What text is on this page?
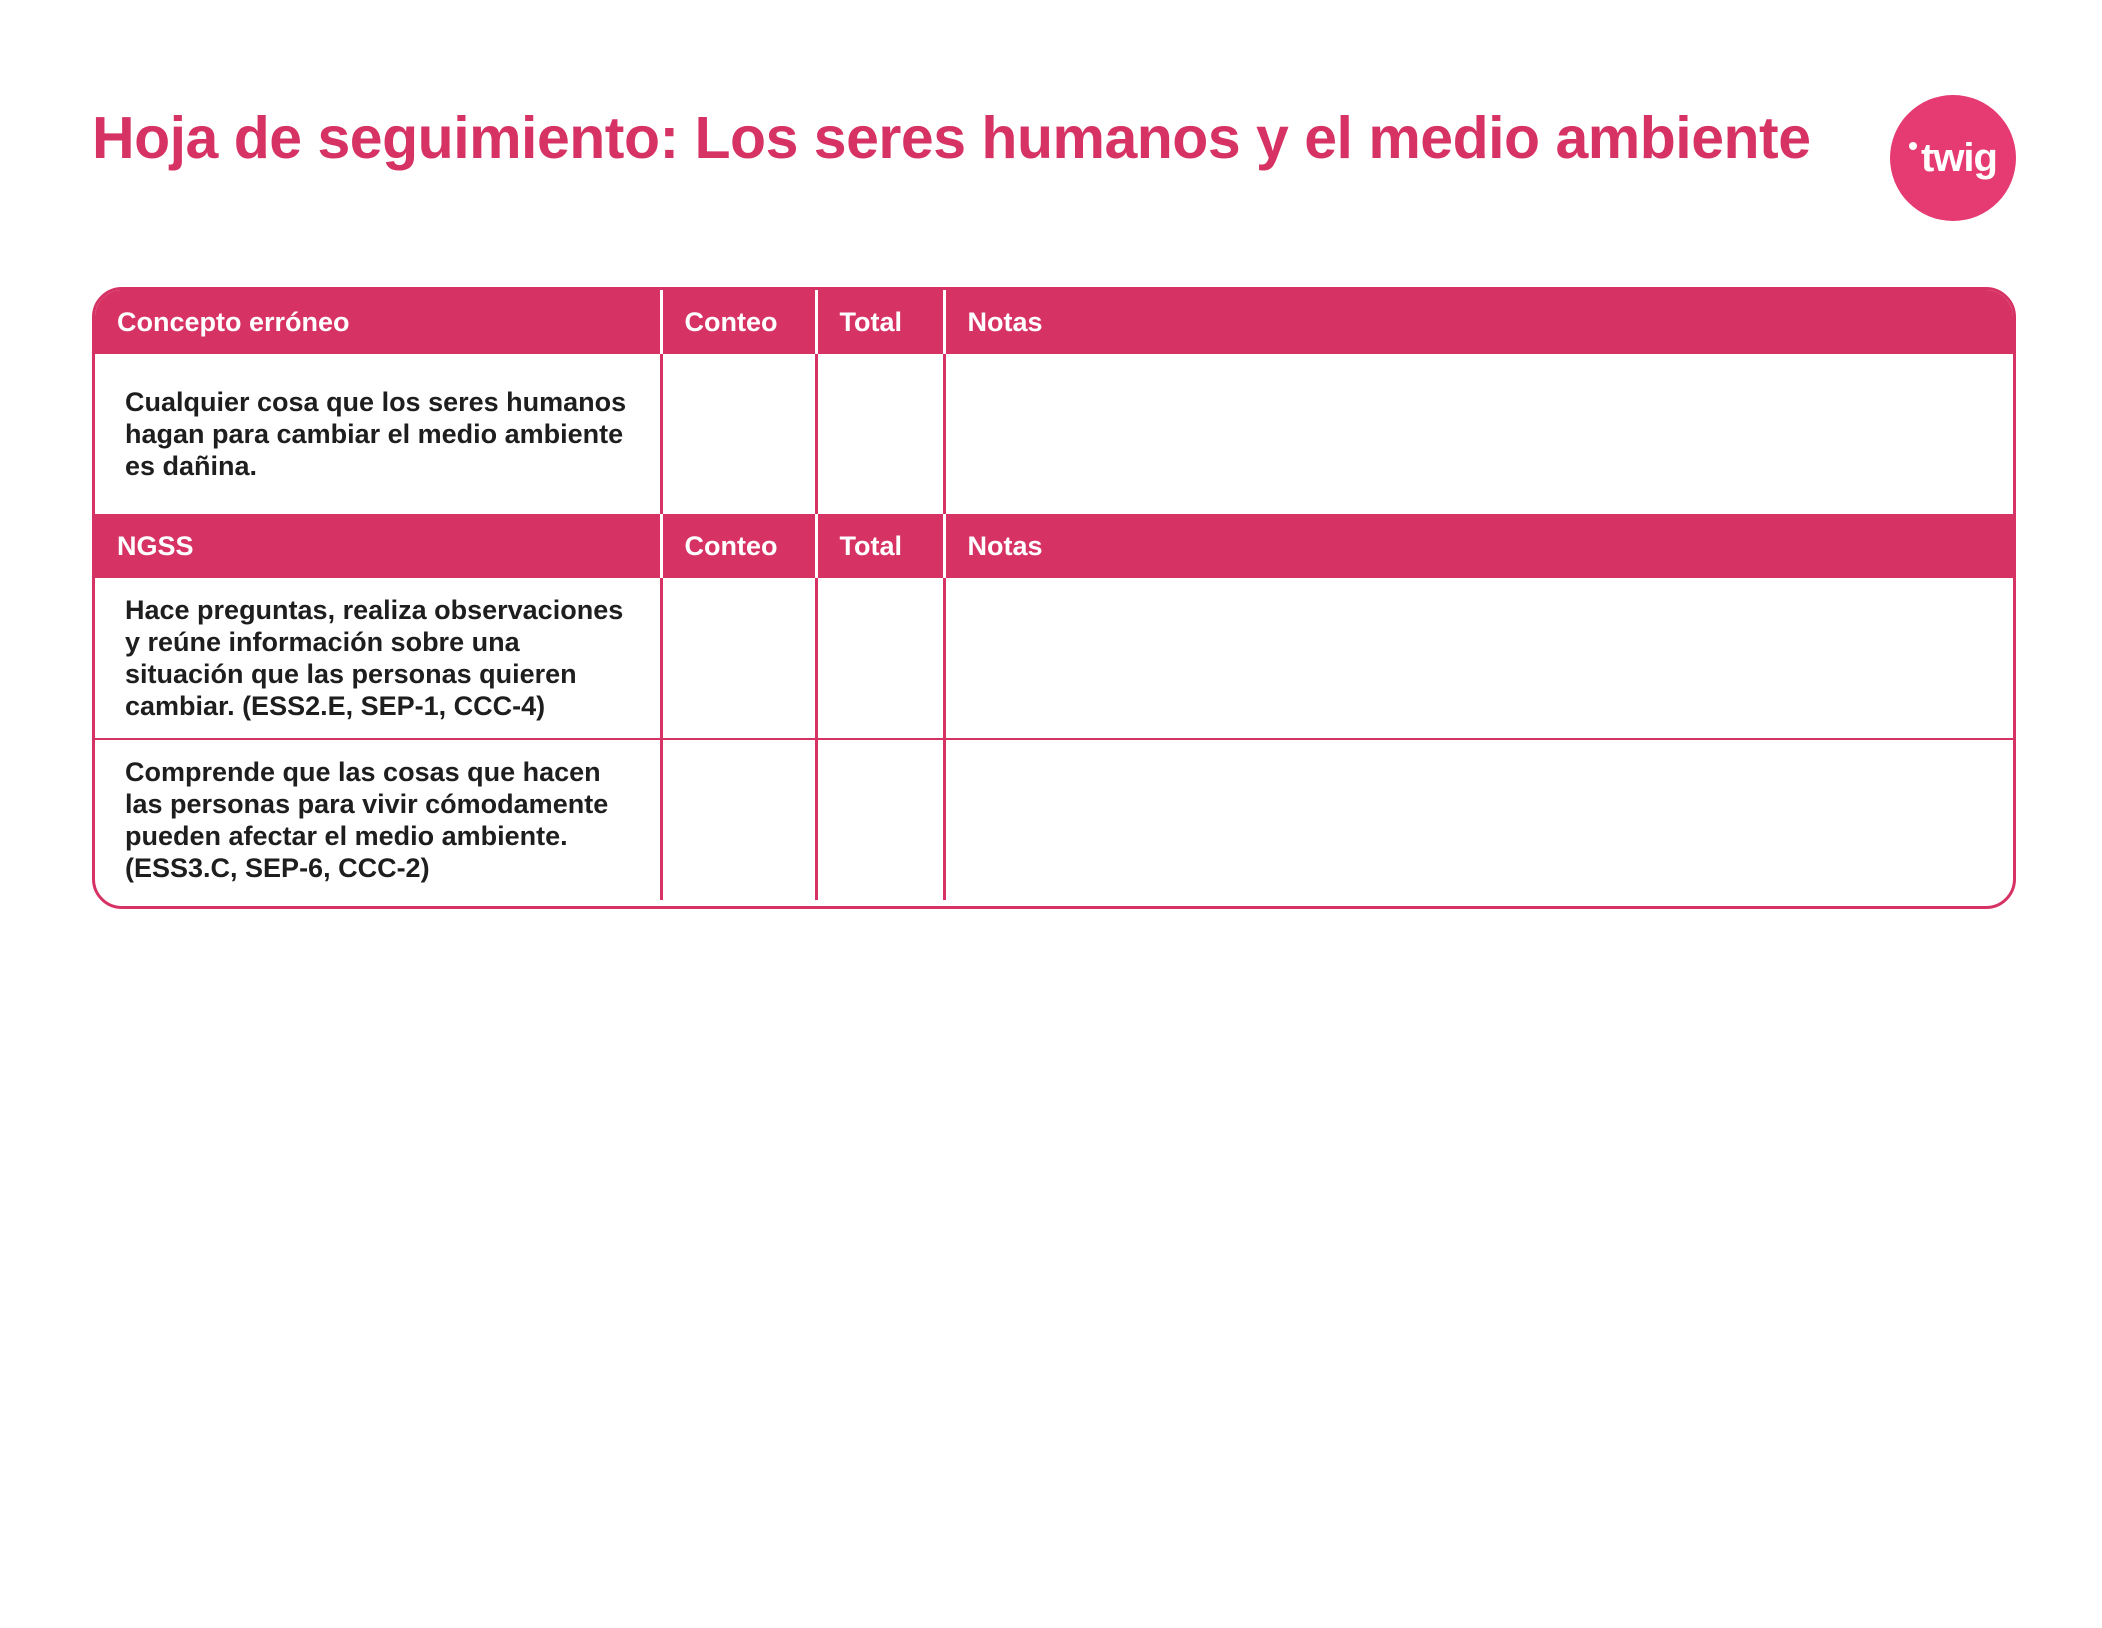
Hoja de seguimiento: Los seres humanos y el medio ambiente	twig
Concepto erróneo	Conteo	Total	Notas
Cualquier cosa que los seres humanos hagan para cambiar el medio ambiente es dañina.			
NGSS	Conteo	Total	Notas
Hace preguntas, realiza observaciones y reúne información sobre una situación que las personas quieren cambiar. (ESS2.E, SEP-1, CCC-4)			
Comprende que las cosas que hacen las personas para vivir cómodamente pueden afectar el medio ambiente. (ESS3.C, SEP-6, CCC-2)			
